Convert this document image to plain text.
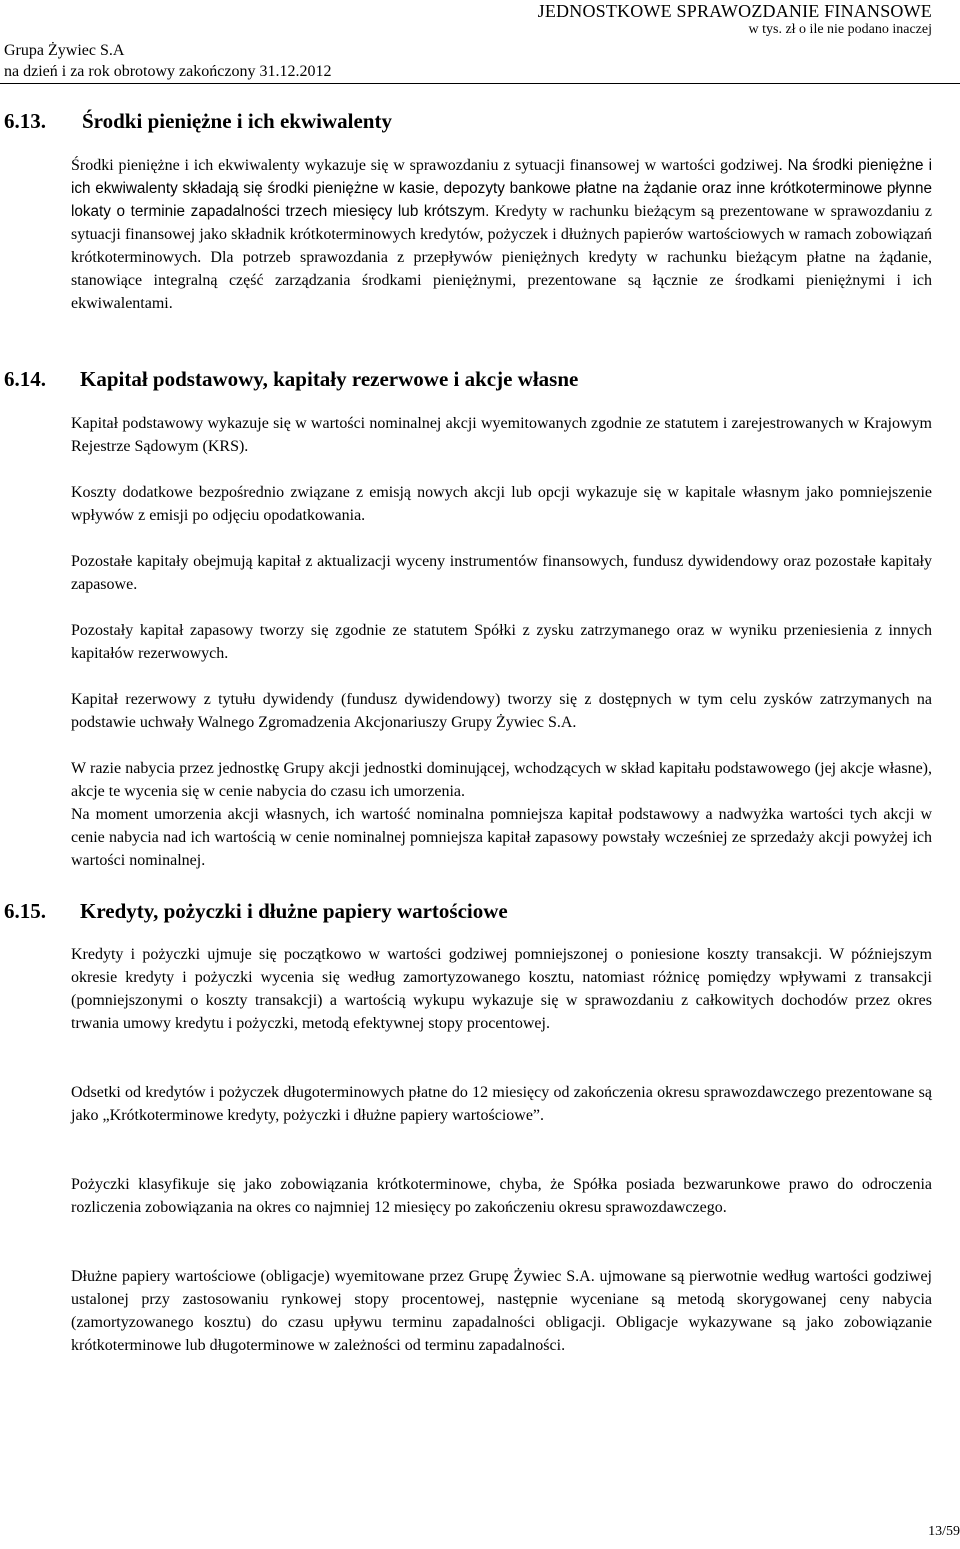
JEDNOSTKOWE SPRAWOZDANIE FINANSOWE
w tys. zł o ile nie podano inaczej
Grupa Żywiec S.A
na dzień i za rok obrotowy zakończony 31.12.2012
6.13. Środki pieniężne i ich ekwiwalenty

Środki pieniężne i ich ekwiwalenty wykazuje się w sprawozdaniu z sytuacji finansowej w wartości godziwej. Na środki pieniężne i ich ekwiwalenty składają się środki pieniężne w kasie, depozyty bankowe płatne na żądanie oraz inne krótkoterminowe płynne lokaty o terminie zapadalności trzech miesięcy lub krótszym. Kredyty w rachunku bieżącym są prezentowane w sprawozdaniu z sytuacji finansowej jako składnik krótkoterminowych kredytów, pożyczek i dłużnych papierów wartościowych w ramach zobowiązań krótkoterminowych. Dla potrzeb sprawozdania z przepływów pieniężnych kredyty w rachunku bieżącym płatne na żądanie, stanowiące integralną część zarządzania środkami pieniężnymi, prezentowane są łącznie ze środkami pieniężnymi i ich ekwiwalentami.

6.14. Kapitał podstawowy, kapitały rezerwowe i akcje własne

Kapitał podstawowy wykazuje się w wartości nominalnej akcji wyemitowanych zgodnie ze statutem i zarejestrowanych w Krajowym Rejestrze Sądowym (KRS).

Koszty dodatkowe bezpośrednio związane z emisją nowych akcji lub opcji wykazuje się w kapitale własnym jako pomniejszenie wpływów z emisji po odjęciu opodatkowania.

Pozostałe kapitały obejmują kapitał z aktualizacji wyceny instrumentów finansowych, fundusz dywidendowy oraz pozostałe kapitały zapasowe.

Pozostały kapitał zapasowy tworzy się zgodnie ze statutem Spółki z zysku zatrzymanego oraz w wyniku przeniesienia z innych kapitałów rezerwowych.

Kapitał rezerwowy z tytułu dywidendy (fundusz dywidendowy) tworzy się z dostępnych w tym celu zysków zatrzymanych na podstawie uchwały Walnego Zgromadzenia Akcjonariuszy Grupy Żywiec S.A.

W razie nabycia przez jednostkę Grupy akcji jednostki dominującej, wchodzących w skład kapitału podstawowego (jej akcje własne), akcje te wycenia się w cenie nabycia do czasu ich umorzenia.

Na moment umorzenia akcji własnych, ich wartość nominalna pomniejsza kapitał podstawowy a nadwyżka wartości tych akcji w cenie nabycia nad ich wartością w cenie nominalnej pomniejsza kapitał zapasowy powstały wcześniej ze sprzedaży akcji powyżej ich wartości nominalnej.

6.15. Kredyty, pożyczki i dłużne papiery wartościowe

Kredyty i pożyczki ujmuje się początkowo w wartości godziwej pomniejszonej o poniesione koszty transakcji. W późniejszym okresie kredyty i pożyczki wycenia się według zamortyzowanego kosztu, natomiast różnicę pomiędzy wpływami z transakcji (pomniejszonymi o koszty transakcji) a wartością wykupu wykazuje się w sprawozdaniu z całkowitych dochodów przez okres trwania umowy kredytu i pożyczki, metodą efektywnej stopy procentowej.

Odsetki od kredytów i pożyczek długoterminowych płatne do 12 miesięcy od zakończenia okresu sprawozdawczego prezentowane są jako „Krótkoterminowe kredyty, pożyczki i dłużne papiery wartościowe”.

Pożyczki klasyfikuje się jako zobowiązania krótkoterminowe, chyba, że Spółka posiada bezwarunkowe prawo do odroczenia rozliczenia zobowiązania na okres co najmniej 12 miesięcy po zakończeniu okresu sprawozdawczego.

Dłużne papiery wartościowe (obligacje) wyemitowane przez Grupę Żywiec S.A. ujmowane są pierwotnie według wartości godziwej ustalonej przy zastosowaniu rynkowej stopy procentowej, następnie wyceniane są metodą skorygowanej ceny nabycia (zamortyzowanego kosztu) do czasu upływu terminu zapadalności obligacji. Obligacje wykazywane są jako zobowiązanie krótkoterminowe lub długoterminowe w zależności od terminu zapadalności.

13/59
